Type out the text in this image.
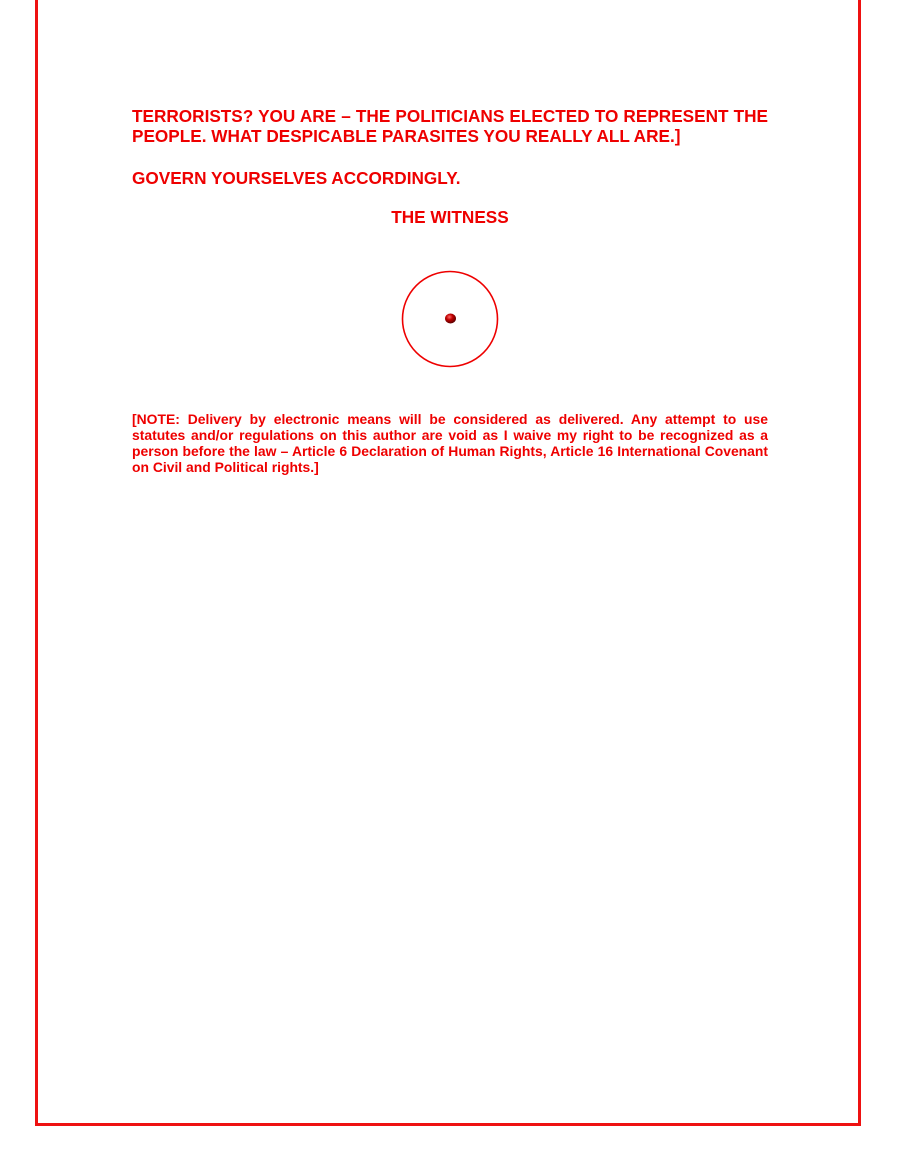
TERRORISTS? YOU ARE – THE POLITICIANS ELECTED TO REPRESENT THE PEOPLE. WHAT DESPICABLE PARASITES YOU REALLY ALL ARE.]
GOVERN YOURSELVES ACCORDINGLY.
THE WITNESS
[NOTE: Delivery by electronic means will be considered as delivered. Any attempt to use statutes and/or regulations on this author are void as I waive my right to be recognized as a person before the law – Article 6 Declaration of Human Rights, Article 16 International Covenant on Civil and Political rights.]
